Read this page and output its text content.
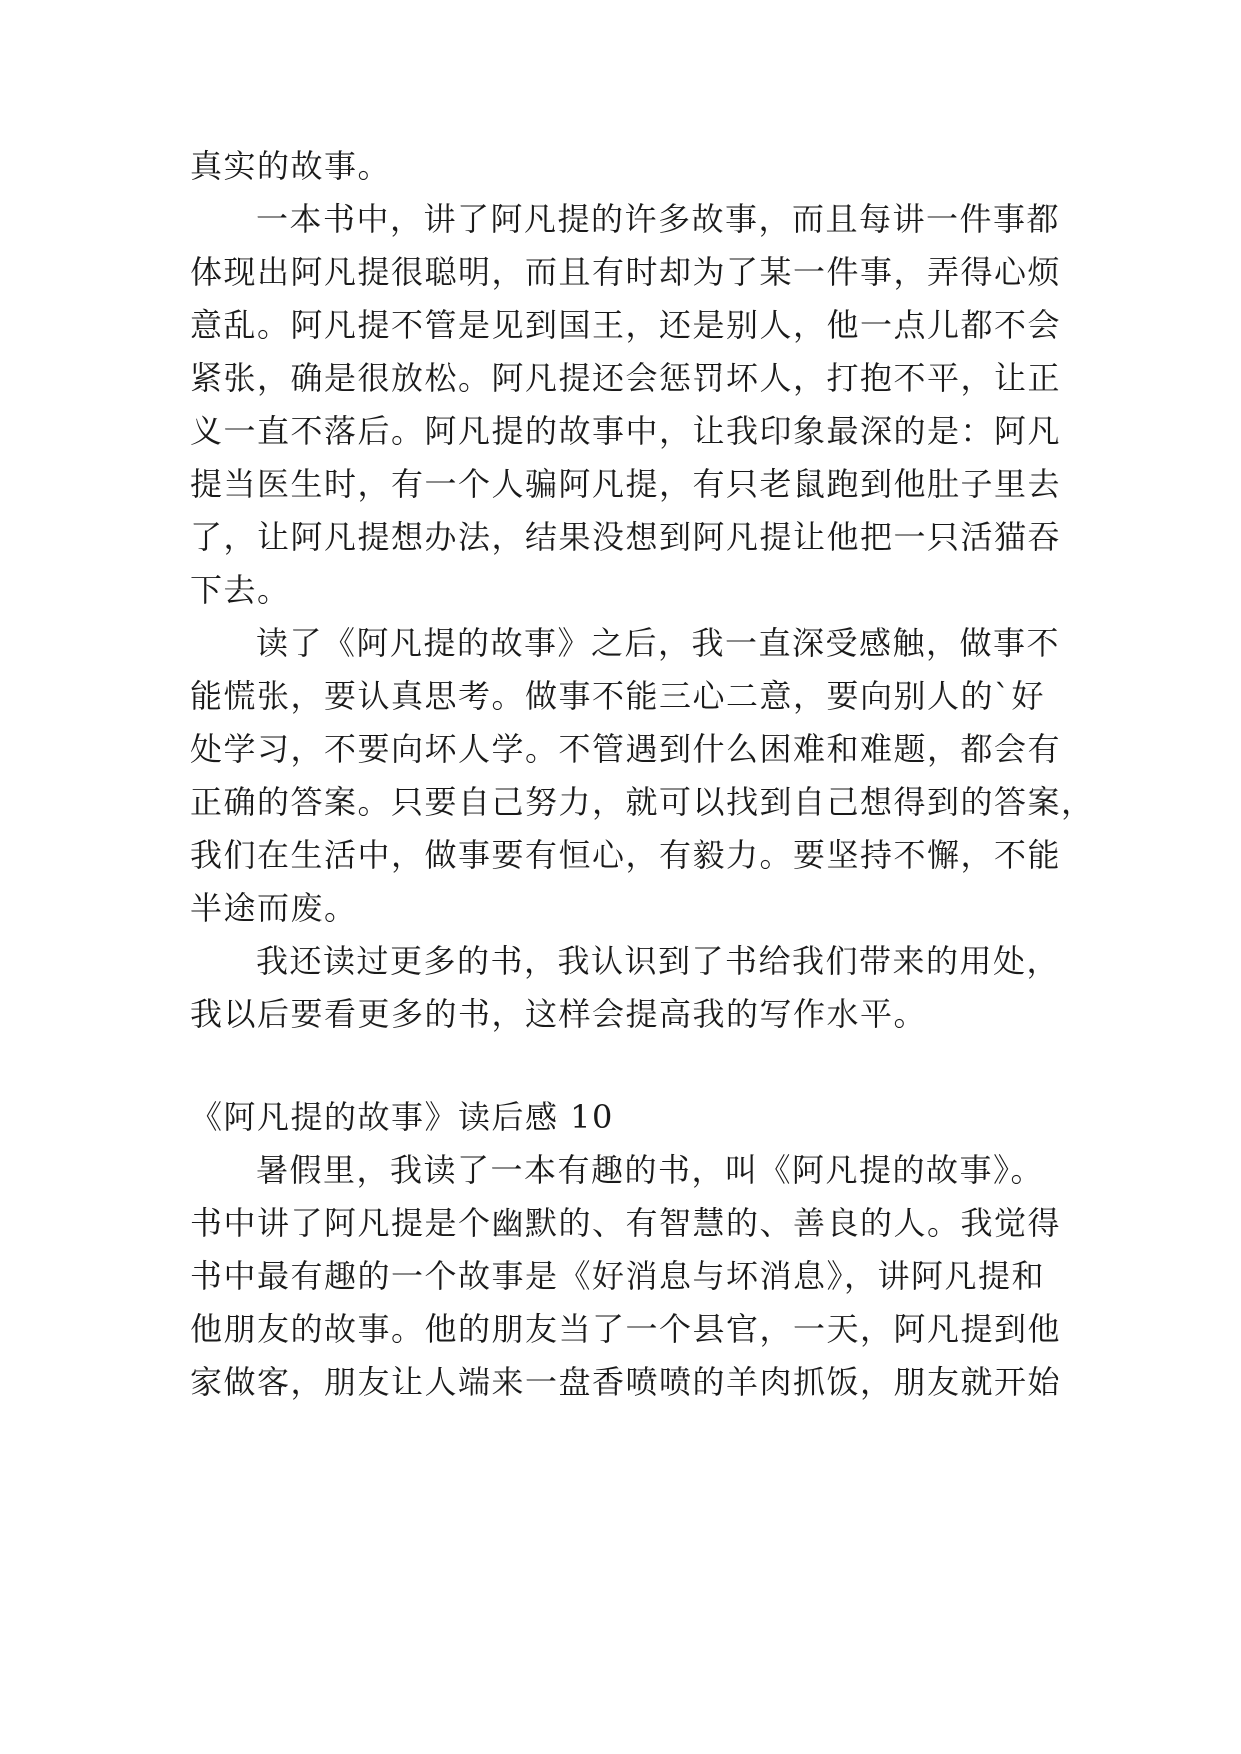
真实的故事。
一本书中，讲了阿凡提的许多故事，而且每讲一件事都
体现出阿凡提很聪明，而且有时却为了某一件事，弄得心烦
意乱。阿凡提不管是见到国王，还是别人，他一点儿都不会
紧张，确是很放松。阿凡提还会惩罚坏人，打抱不平，让正
义一直不落后。阿凡提的故事中，让我印象最深的是：阿凡
提当医生时，有一个人骗阿凡提，有只老鼠跑到他肚子里去
了，让阿凡提想办法，结果没想到阿凡提让他把一只活猫吞
下去。
读了《阿凡提的故事》之后，我一直深受感触，做事不
能慌张，要认真思考。做事不能三心二意，要向别人的`好
处学习，不要向坏人学。不管遇到什么困难和难题，都会有
正确的答案。只要自己努力，就可以找到自己想得到的答案，
我们在生活中，做事要有恒心，有毅力。要坚持不懈，不能
半途而废。
我还读过更多的书，我认识到了书给我们带来的用处，
我以后要看更多的书，这样会提高我的写作水平。
《阿凡提的故事》读后感 10
暑假里，我读了一本有趣的书，叫《阿凡提的故事》。
书中讲了阿凡提是个幽默的、有智慧的、善良的人。我觉得
书中最有趣的一个故事是《好消息与坏消息》，讲阿凡提和
他朋友的故事。他的朋友当了一个县官，一天，阿凡提到他
家做客，朋友让人端来一盘香喷喷的羊肉抓饭，朋友就开始
